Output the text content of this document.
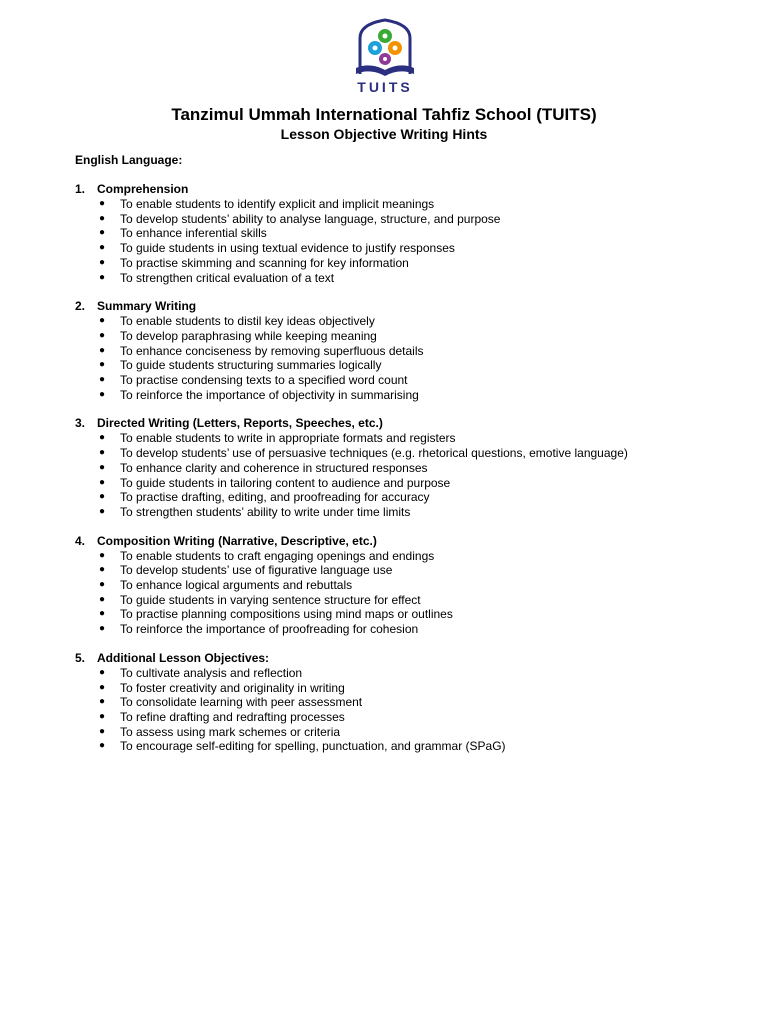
TUITS
Tanzimul Ummah International Tahfiz School (TUITS)
Lesson Objective Writing Hints
English Language:
1. Comprehension
●	To enable students to identify explicit and implicit meanings
●	To develop students’ ability to analyse language, structure, and purpose
●	To enhance inferential skills
●	To guide students in using textual evidence to justify responses
●	To practise skimming and scanning for key information
●	To strengthen critical evaluation of a text
2. Summary Writing
●	To enable students to distil key ideas objectively
●	To develop paraphrasing while keeping meaning
●	To enhance conciseness by removing superfluous details
●	To guide students structuring summaries logically
●	To practise condensing texts to a specified word count
●	To reinforce the importance of objectivity in summarising
3. Directed Writing (Letters, Reports, Speeches, etc.)
●	To enable students to write in appropriate formats and registers
●	To develop students’ use of persuasive techniques (e.g. rhetorical questions, emotive language)
●	To enhance clarity and coherence in structured responses
●	To guide students in tailoring content to audience and purpose
●	To practise drafting, editing, and proofreading for accuracy
●	To strengthen students’ ability to write under time limits
4. Composition Writing (Narrative, Descriptive, etc.)
●	To enable students to craft engaging openings and endings
●	To develop students’ use of figurative language use
●	To enhance logical arguments and rebuttals
●	To guide students in varying sentence structure for effect
●	To practise planning compositions using mind maps or outlines
●	To reinforce the importance of proofreading for cohesion
5. Additional Lesson Objectives:
●	To cultivate analysis and reflection
●	To foster creativity and originality in writing
●	To consolidate learning with peer assessment
●	To refine drafting and redrafting processes
●	To assess using mark schemes or criteria
●	To encourage self-editing for spelling, punctuation, and grammar (SPaG)
